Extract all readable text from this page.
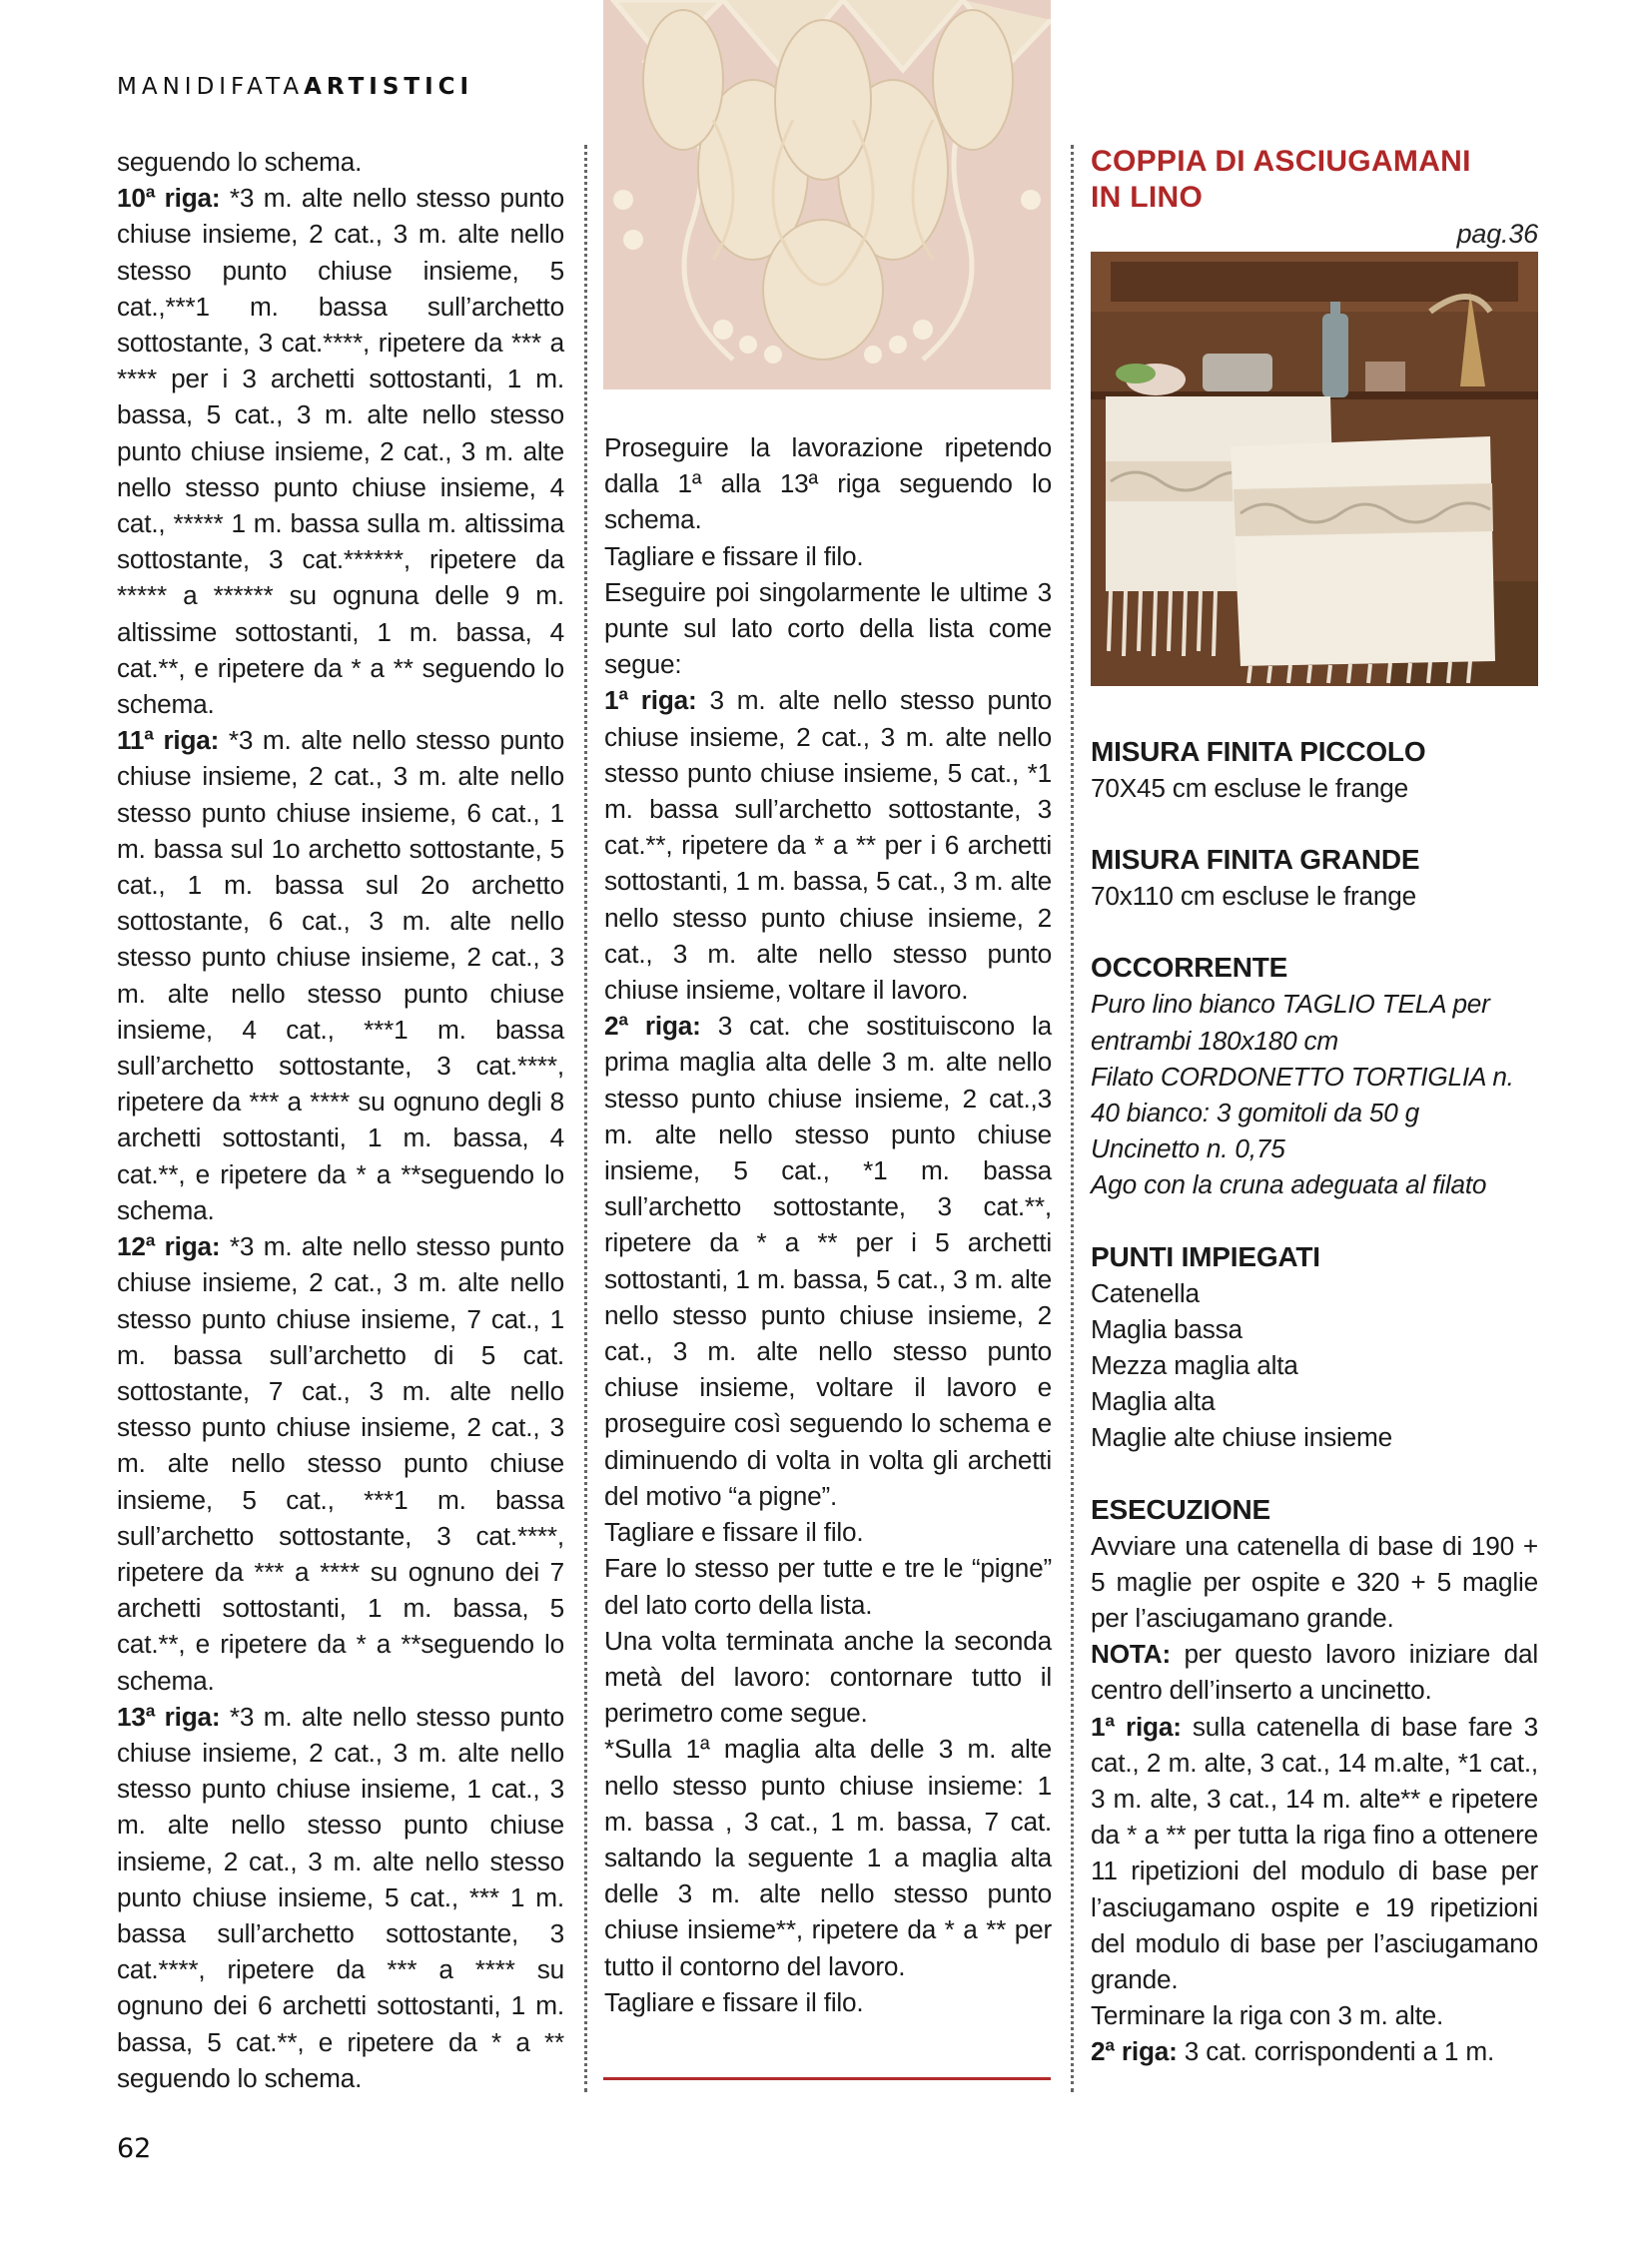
MANIDIFATAARTISTICI

seguendo lo schema.

10ª riga: *3 m. alte nello stesso punto chiuse insieme, 2 cat., 3 m. alte nello stesso punto chiuse insieme, 5 cat.,***1 m. bassa sull’archetto sottostante, 3 cat.****, ripetere da *** a **** per i 3 archetti sottostanti, 1 m. bassa, 5 cat., 3 m. alte nello stesso punto chiuse insieme, 2 cat., 3 m. alte nello stesso punto chiuse insieme, 4 cat., ***** 1 m. bassa sulla m. altissima sottostante, 3 cat.******, ripetere da ***** a ****** su ognuna delle 9 m. altissime sottostanti, 1 m. bassa, 4 cat.**, e ripetere da * a ** seguendo lo schema.

11ª riga: *3 m. alte nello stesso punto chiuse insieme, 2 cat., 3 m. alte nello stesso punto chiuse insieme, 6 cat., 1 m. bassa sul 1o archetto sottostante, 5 cat., 1 m. bassa sul 2o archetto sottostante, 6 cat., 3 m. alte nello stesso punto chiuse insieme, 2 cat., 3 m. alte nello stesso punto chiuse insieme, 4 cat., ***1 m. bassa sull’archetto sottostante, 3 cat.****, ripetere da *** a **** su ognuno degli 8 archetti sottostanti, 1 m. bassa, 4 cat.**, e ripetere da * a **seguendo lo schema.

12ª riga: *3 m. alte nello stesso punto chiuse insieme, 2 cat., 3 m. alte nello stesso punto chiuse insieme, 7 cat., 1 m. bassa sull’archetto di 5 cat. sottostante, 7 cat., 3 m. alte nello stesso punto chiuse insieme, 2 cat., 3 m. alte nello stesso punto chiuse insieme, 5 cat., ***1 m. bassa sull’archetto sottostante, 3 cat.****, ripetere da *** a **** su ognuno dei 7 archetti sottostanti, 1 m. bassa, 5 cat.**, e ripetere da * a **seguendo lo schema.

13ª riga: *3 m. alte nello stesso punto chiuse insieme, 2 cat., 3 m. alte nello stesso punto chiuse insieme, 1 cat., 3 m. alte nello stesso punto chiuse insieme, 2 cat., 3 m. alte nello stesso punto chiuse insieme, 5 cat., *** 1 m. bassa sull’archetto sottostante, 3 cat.****, ripetere da *** a **** su ognuno dei 6 archetti sottostanti, 1 m. bassa, 5 cat.**, e ripetere da * a ** seguendo lo schema.

Proseguire la lavorazione ripetendo dalla 1ª alla 13ª riga seguendo lo schema.

Tagliare e fissare il filo.

Eseguire poi singolarmente le ultime 3 punte sul lato corto della lista come segue:

1ª riga: 3 m. alte nello stesso punto chiuse insieme, 2 cat., 3 m. alte nello stesso punto chiuse insieme, 5 cat., *1 m. bassa sull’archetto sottostante, 3 cat.**, ripetere da * a ** per i 6 archetti sottostanti, 1 m. bassa, 5 cat., 3 m. alte nello stesso punto chiuse insieme, 2 cat., 3 m. alte nello stesso punto chiuse insieme, voltare il lavoro.

2ª riga: 3 cat. che sostituiscono la prima maglia alta delle 3 m. alte nello stesso punto chiuse insieme, 2 cat.,3 m. alte nello stesso punto chiuse insieme, 5 cat., *1 m. bassa sull’archetto sottostante, 3 cat.**, ripetere da * a ** per i 5 archetti sottostanti, 1 m. bassa, 5 cat., 3 m. alte nello stesso punto chiuse insieme, 2 cat., 3 m. alte nello stesso punto chiuse insieme, voltare il lavoro e proseguire così seguendo lo schema e diminuendo di volta in volta gli archetti del motivo “a pigne”.

Tagliare e fissare il filo.

Fare lo stesso per tutte e tre le “pigne” del lato corto della lista.

Una volta terminata anche la seconda metà del lavoro: contornare tutto il perimetro come segue.

*Sulla 1ª maglia alta delle 3 m. alte nello stesso punto chiuse insieme: 1 m. bassa , 3 cat., 1 m. bassa, 7 cat. saltando la seguente 1 a maglia alta delle 3 m. alte nello stesso punto chiuse insieme**, ripetere da * a ** per tutto il contorno del lavoro.

Tagliare e fissare il filo.

COPPIA DI ASCIUGAMANI

IN LINO

pag.36

MISURA FINITA PICCOLO

70X45 cm escluse le frange

MISURA FINITA GRANDE

70x110 cm escluse le frange

OCCORRENTE

Puro lino bianco TAGLIO TELA per entrambi 180x180 cm

Filato CORDONETTO TORTIGLIA n. 40 bianco: 3 gomitoli da 50 g

Uncinetto n. 0,75

Ago con la cruna adeguata al filato

PUNTI IMPIEGATI

Catenella

Maglia bassa

Mezza maglia alta

Maglia alta

Maglie alte chiuse insieme

ESECUZIONE

Avviare una catenella di base di 190 + 5 maglie per ospite e 320 + 5 maglie per l’asciugamano grande.

NOTA: per questo lavoro iniziare dal centro dell’inserto a uncinetto.

1ª riga: sulla catenella di base fare 3 cat., 2 m. alte, 3 cat., 14 m.alte, *1 cat., 3 m. alte, 3 cat., 14 m. alte** e ripetere da * a ** per tutta la riga fino a ottenere 11 ripetizioni del modulo di base per l’asciugamano ospite e 19 ripetizioni del modulo di base per l’asciugamano grande.

Terminare la riga con 3 m. alte.

2ª riga: 3 cat. corrispondenti a 1 m.

62
